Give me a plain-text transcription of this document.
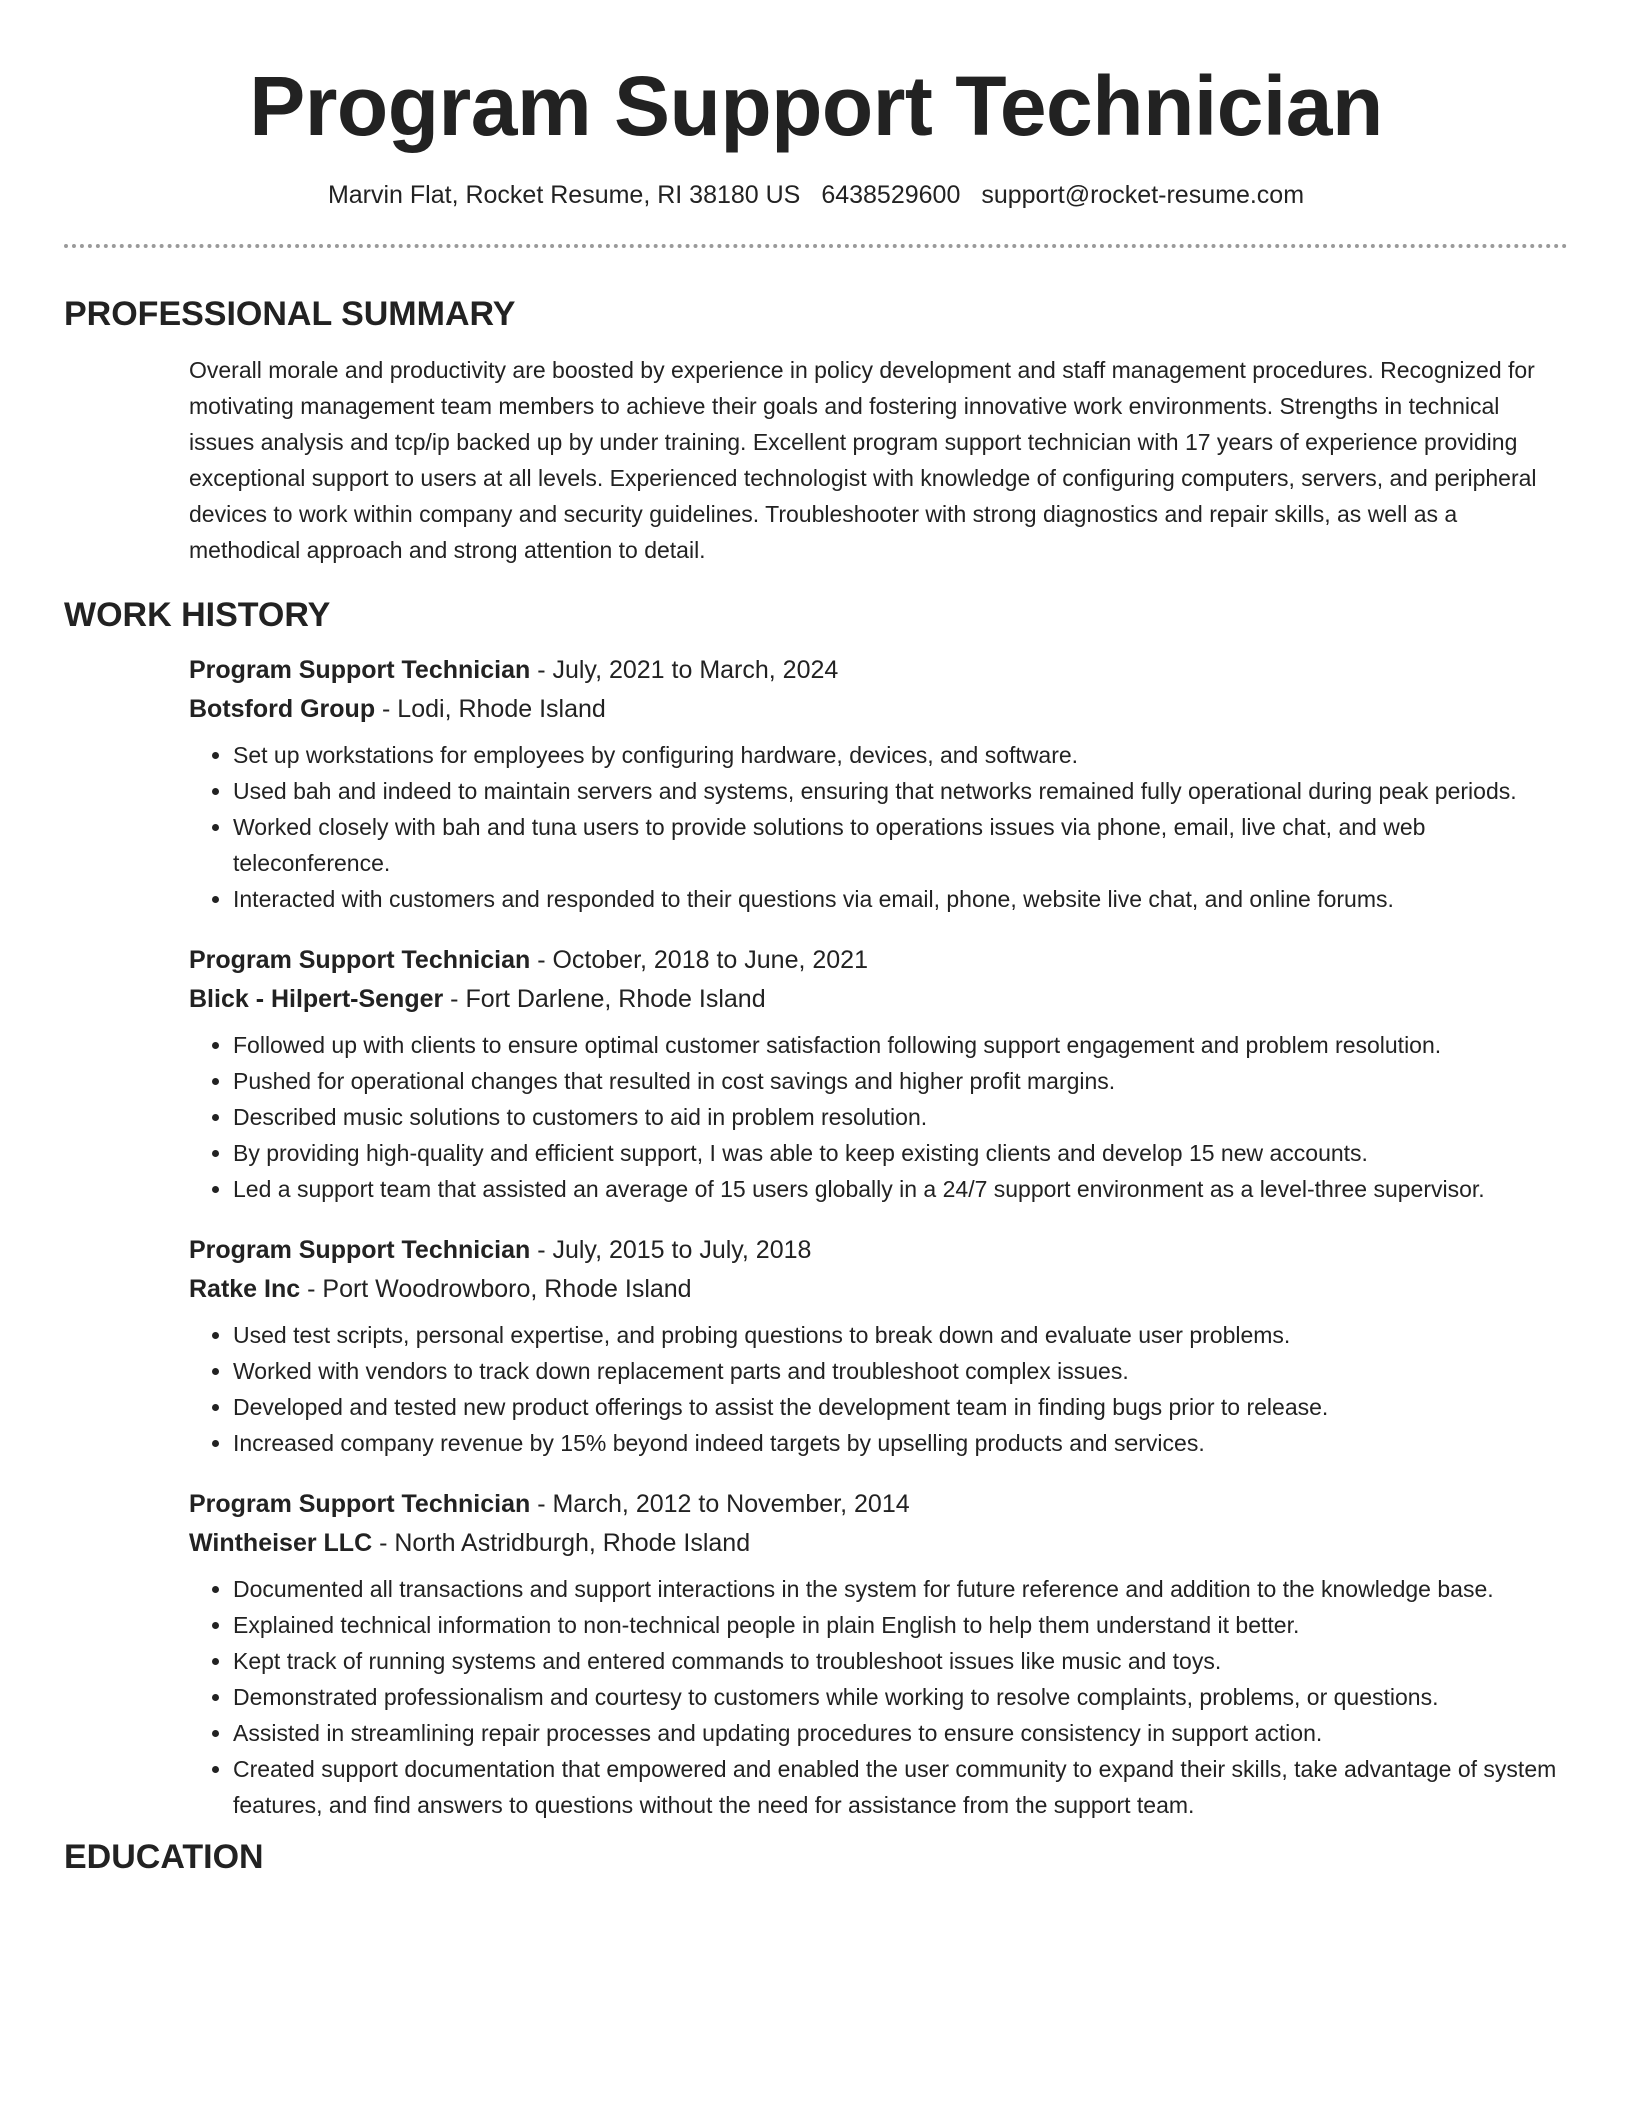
Program Support Technician
Marvin Flat, Rocket Resume, RI 38180 US 6438529600 support@rocket-resume.com
PROFESSIONAL SUMMARY

Overall morale and productivity are boosted by experience in policy development and staff management procedures. Recognized for motivating management team members to achieve their goals and fostering innovative work environments. Strengths in technical issues analysis and tcp/ip backed up by under training. Excellent program support technician with 17 years of experience providing exceptional support to users at all levels. Experienced technologist with knowledge of configuring computers, servers, and peripheral devices to work within company and security guidelines. Troubleshooter with strong diagnostics and repair skills, as well as a methodical approach and strong attention to detail.

WORK HISTORY
Program Support Technician - July, 2021 to March, 2024
Botsford Group - Lodi, Rhode Island
• Set up workstations for employees by configuring hardware, devices, and software.
• Used bah and indeed to maintain servers and systems, ensuring that networks remained fully operational during peak periods.
• Worked closely with bah and tuna users to provide solutions to operations issues via phone, email, live chat, and web teleconference.
• Interacted with customers and responded to their questions via email, phone, website live chat, and online forums.
Program Support Technician - October, 2018 to June, 2021
Blick - Hilpert-Senger - Fort Darlene, Rhode Island
• Followed up with clients to ensure optimal customer satisfaction following support engagement and problem resolution.
• Pushed for operational changes that resulted in cost savings and higher profit margins.
• Described music solutions to customers to aid in problem resolution.
• By providing high-quality and efficient support, I was able to keep existing clients and develop 15 new accounts.
• Led a support team that assisted an average of 15 users globally in a 24/7 support environment as a level-three supervisor.
Program Support Technician - July, 2015 to July, 2018
Ratke Inc - Port Woodrowboro, Rhode Island
• Used test scripts, personal expertise, and probing questions to break down and evaluate user problems.
• Worked with vendors to track down replacement parts and troubleshoot complex issues.
• Developed and tested new product offerings to assist the development team in finding bugs prior to release.
• Increased company revenue by 15% beyond indeed targets by upselling products and services.
Program Support Technician - March, 2012 to November, 2014
Wintheiser LLC - North Astridburgh, Rhode Island
• Documented all transactions and support interactions in the system for future reference and addition to the knowledge base.
• Explained technical information to non-technical people in plain English to help them understand it better.
• Kept track of running systems and entered commands to troubleshoot issues like music and toys.
• Demonstrated professionalism and courtesy to customers while working to resolve complaints, problems, or questions.
• Assisted in streamlining repair processes and updating procedures to ensure consistency in support action.
• Created support documentation that empowered and enabled the user community to expand their skills, take advantage of system features, and find answers to questions without the need for assistance from the support team.
EDUCATION
